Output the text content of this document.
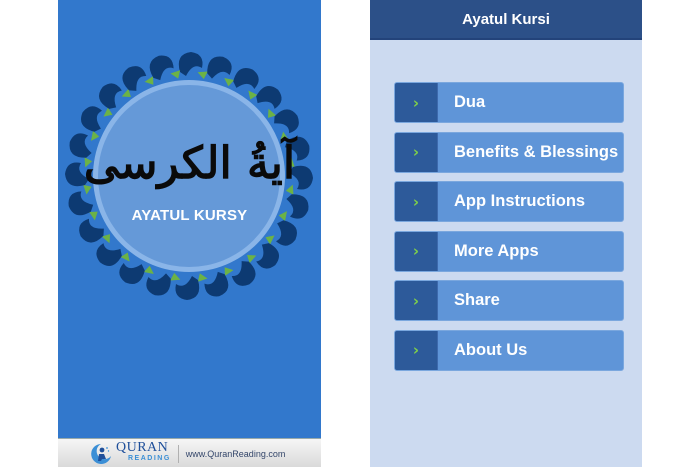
آيةُ الكرسى
AYATUL KURSY
QURAN
READING www.QuranReading.com
Ayatul Kursi
› Dua
› Benefits & Blessings
› App Instructions
› More Apps
› Share
› About Us
